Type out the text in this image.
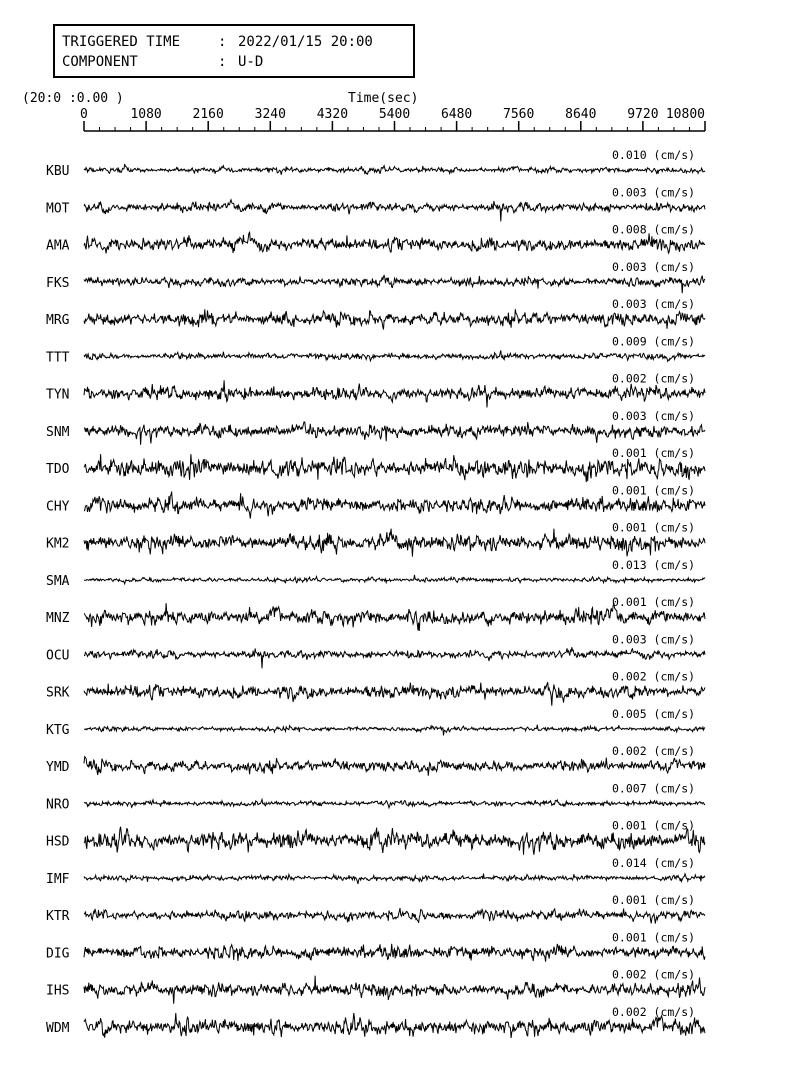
TRIGGERED TIME	: 2022/01/15 20:00
COMPONENT	: U-D
(20:0 :0.00 )	Time(sec)
0	1080 2160 3240 4320 5400 6480 7560 8640 9720 10800
KBU
0.010 (cm/s)
MOT
0.003 (cm/s)
AMA
0.008 (cm/s)
FKS
0.003 (cm/s)
MRG
0.003 (cm/s)
TTT
0.009 (cm/s)
TYN
0.002 (cm/s)
SNM
0.003 (cm/s)
TDO
0.001 (cm/s)
CHY
0.001 (cm/s)
KM2
0.001 (cm/s)
SMA
0.013 (cm/s)
MNZ
0.001 (cm/s)
OCU
0.003 (cm/s)
SRK
0.002 (cm/s)
KTG
0.005 (cm/s)
YMD
0.002 (cm/s)
NRO
0.007 (cm/s)
HSD
0.001 (cm/s)
IMF
0.014 (cm/s)
KTR
0.001 (cm/s)
DIG
0.001 (cm/s)
IHS
0.002 (cm/s)
WDM
0.002 (cm/s)
